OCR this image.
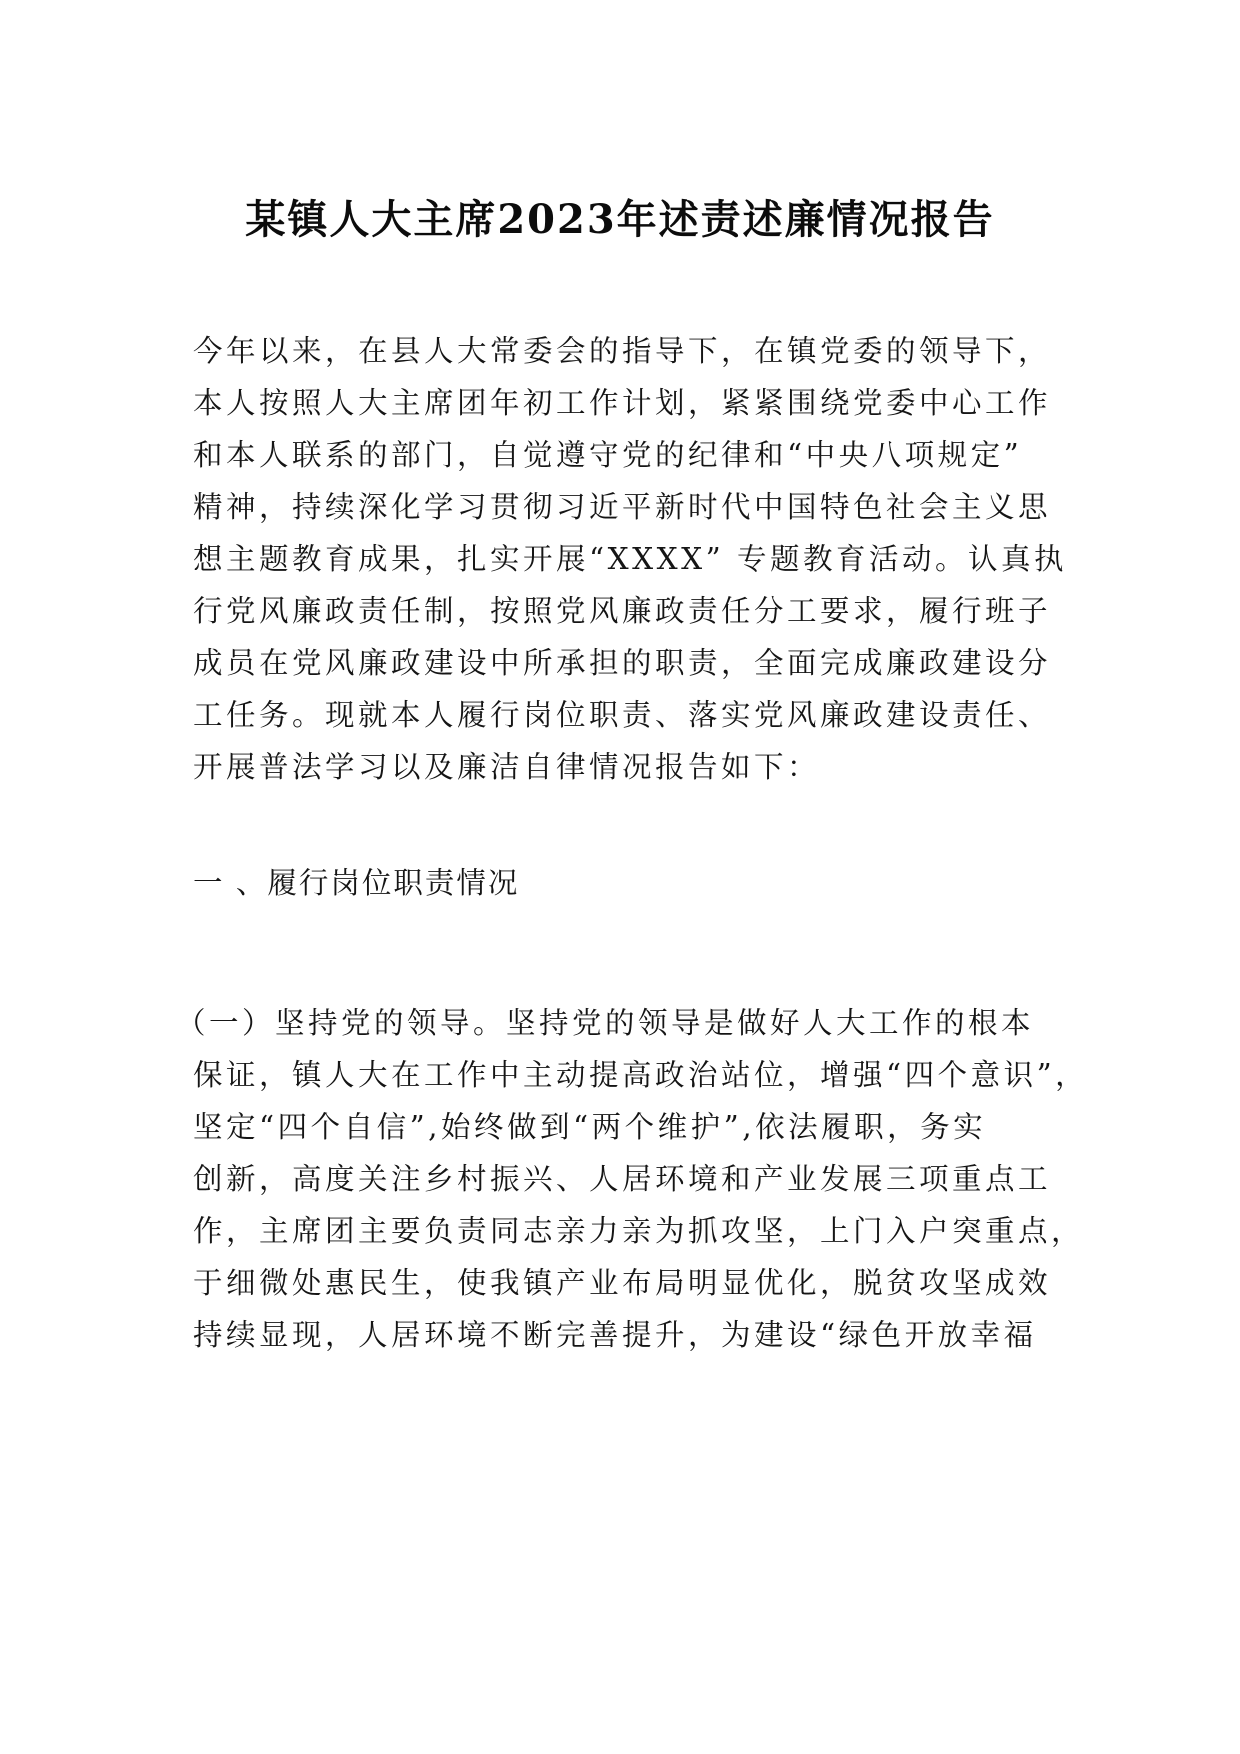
某镇人大主席2023年述责述廉情况报告
今年以来，在县人大常委会的指导下，在镇党委的领导下，
本人按照人大主席团年初工作计划，紧紧围绕党委中心工作
和本人联系的部门，自觉遵守党的纪律和“中央八项规定”
精神，持续深化学习贯彻习近平新时代中国特色社会主义思
想主题教育成果，扎实开展“XXXX” 专题教育活动。认真执
行党风廉政责任制，按照党风廉政责任分工要求，履行班子
成员在党风廉政建设中所承担的职责，全面完成廉政建设分
工任务。现就本人履行岗位职责、落实党风廉政建设责任、
开展普法学习以及廉洁自律情况报告如下：
一 、履行岗位职责情况
（一）坚持党的领导。坚持党的领导是做好人大工作的根本
保证，镇人大在工作中主动提高政治站位，增强“四个意识”，
坚定“四个自信”,始终做到“两个维护”,依法履职，务实
创新，高度关注乡村振兴、人居环境和产业发展三项重点工
作，主席团主要负责同志亲力亲为抓攻坚，上门入户突重点，
于细微处惠民生，使我镇产业布局明显优化，脱贫攻坚成效
持续显现，人居环境不断完善提升，为建设“绿色开放幸福
